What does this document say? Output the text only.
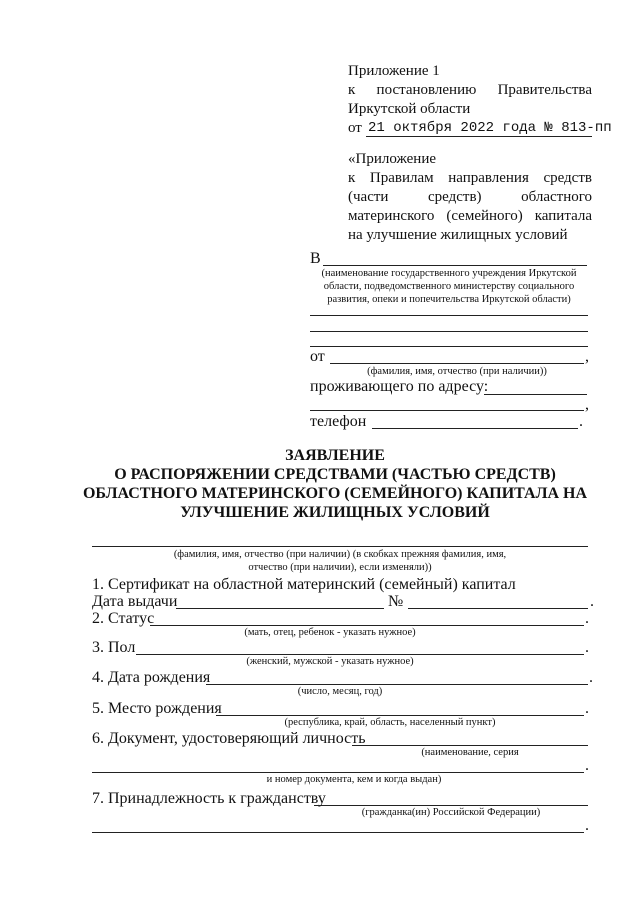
Приложение 1
к постановлению Правительства
Иркутской области
от 21 октября 2022 года № 813-пп
«Приложение
к Правилам направления средств
(части	средств)	областного
материнского (семейного) капитала
на улучшение жилищных условий
В
(наименование государственного учреждения Иркутской
области, подведомственного министерству социального
развития, опеки и попечительства Иркутской области)
от	,
(фамилия, имя, отчество (при наличии))
проживающего по адресу:
,
телефон	.
ЗАЯВЛЕНИЕ
О РАСПОРЯЖЕНИИ СРЕДСТВАМИ (ЧАСТЬЮ СРЕДСТВ)
ОБЛАСТНОГО МАТЕРИНСКОГО (СЕМЕЙНОГО) КАПИТАЛА НА
УЛУЧШЕНИЕ ЖИЛИЩНЫХ УСЛОВИЙ
(фамилия, имя, отчество (при наличии) (в скобках прежняя фамилия, имя,
отчество (при наличии), если изменяли))
1. Сертификат на областной материнский (семейный) капитал
Дата выдачи	№	.
2. Статус	.
(мать, отец, ребенок - указать нужное)
3. Пол	.
(женский, мужской - указать нужное)
4. Дата рождения	.
(число, месяц, год)
5. Место рождения	.
(республика, край, область, населенный пункт)
6. Документ, удостоверяющий личность
(наименование, серия
.
и номер документа, кем и когда выдан)
7. Принадлежность к гражданству
(гражданка(ин) Российской Федерации)
.
